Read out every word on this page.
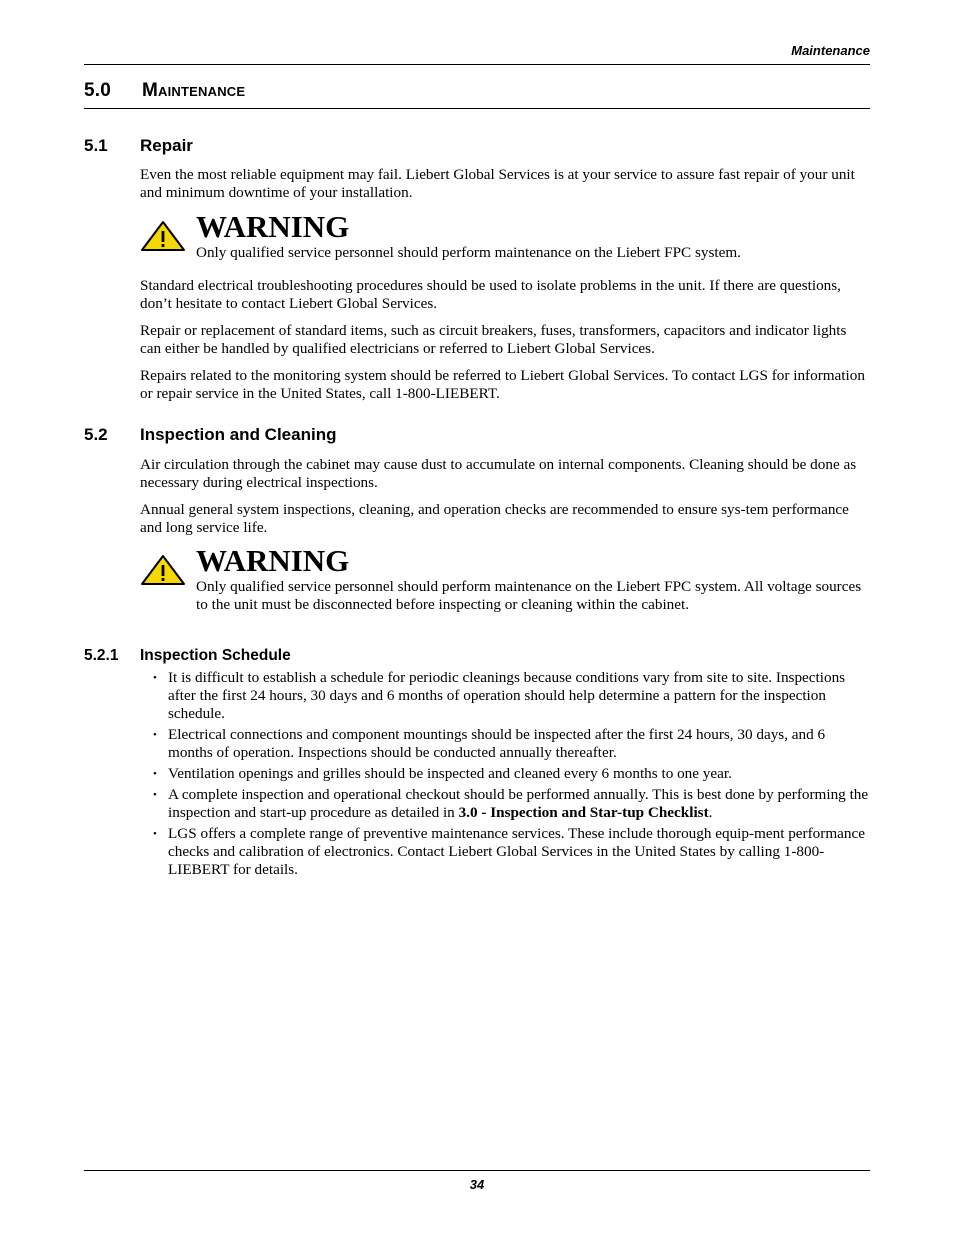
Maintenance
5.0 Maintenance
5.1 Repair

Even the most reliable equipment may fail. Liebert Global Services is at your service to assure fast repair of your unit and minimum downtime of your installation.

WARNING

Only qualified service personnel should perform maintenance on the Liebert FPC system.

Standard electrical troubleshooting procedures should be used to isolate problems in the unit. If there are questions, don’t hesitate to contact Liebert Global Services.

Repair or replacement of standard items, such as circuit breakers, fuses, transformers, capacitors and indicator lights can either be handled by qualified electricians or referred to Liebert Global Services.

Repairs related to the monitoring system should be referred to Liebert Global Services. To contact LGS for information or repair service in the United States, call 1-800-LIEBERT.

5.2 Inspection and Cleaning

Air circulation through the cabinet may cause dust to accumulate on internal components. Cleaning should be done as necessary during electrical inspections.

Annual general system inspections, cleaning, and operation checks are recommended to ensure sys-tem performance and long service life.

WARNING

Only qualified service personnel should perform maintenance on the Liebert FPC system. All voltage sources to the unit must be disconnected before inspecting or cleaning within the cabinet.

5.2.1 Inspection Schedule
• It is difficult to establish a schedule for periodic cleanings because conditions vary from site to site. Inspections after the first 24 hours, 30 days and 6 months of operation should help determine a pattern for the inspection schedule.
• Electrical connections and component mountings should be inspected after the first 24 hours, 30 days, and 6 months of operation. Inspections should be conducted annually thereafter.
• Ventilation openings and grilles should be inspected and cleaned every 6 months to one year.
• A complete inspection and operational checkout should be performed annually. This is best done by performing the inspection and start-up procedure as detailed in 3.0 - Inspection and Star-tup Checklist.
• LGS offers a complete range of preventive maintenance services. These include thorough equip-ment performance checks and calibration of electronics. Contact Liebert Global Services in the United States by calling 1-800-LIEBERT for details.
34
